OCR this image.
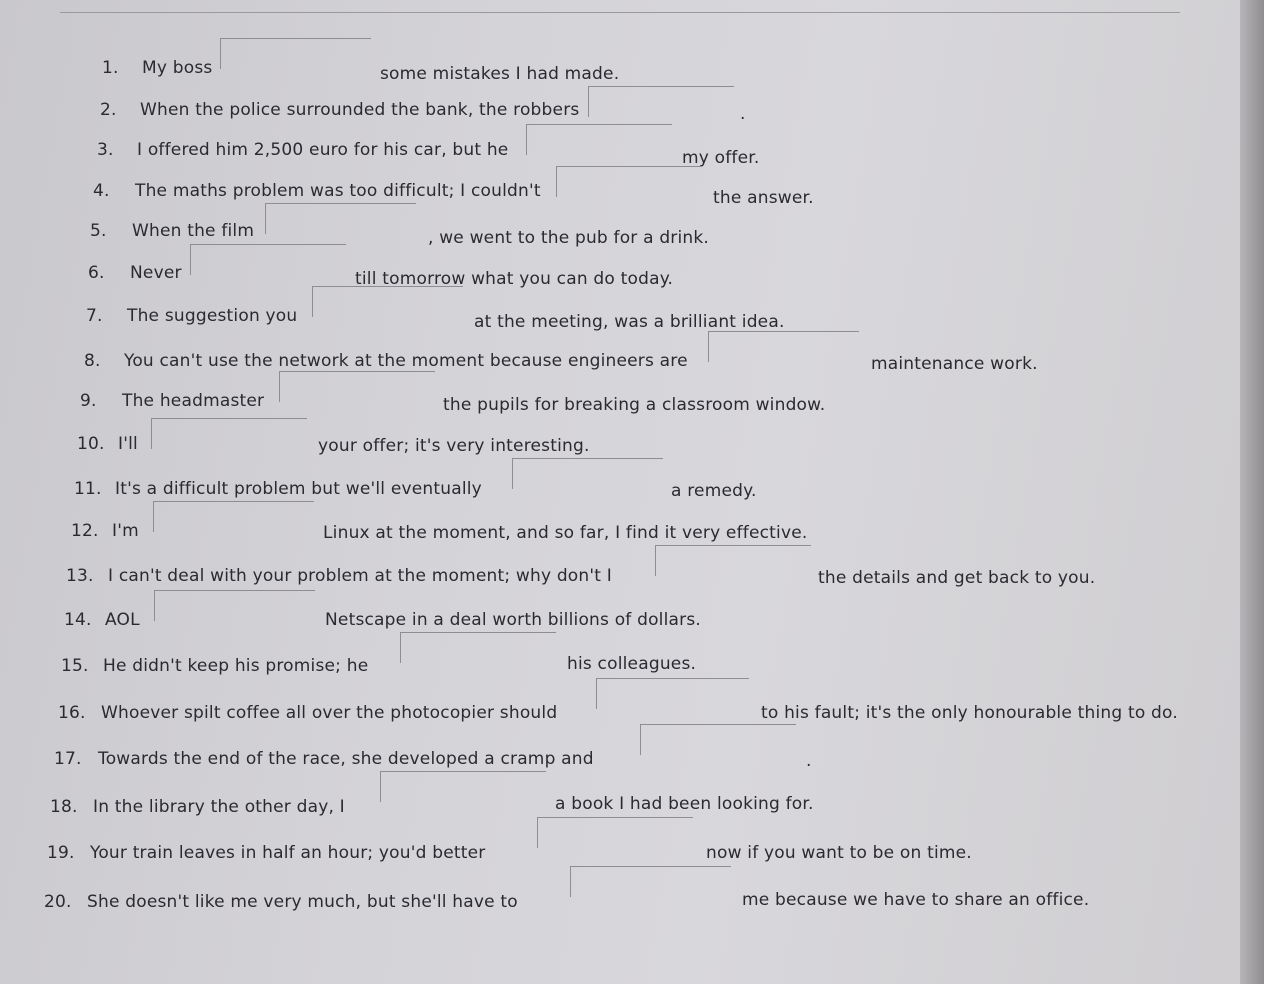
1. My boss	some mistakes I had made.
2. When the police surrounded the bank, the robbers	.
3. I offered him 2,500 euro for his car, but he	my offer.
4. The maths problem was too difficult; I couldn't	the answer.
5. When the film	, we went to the pub for a drink.
6. Never	till tomorrow what you can do today.
7. The suggestion you	at the meeting, was a brilliant idea.
8. You can't use the network at the moment because engineers are	maintenance work.
9. The headmaster	the pupils for breaking a classroom window.
10. I'll	your offer; it's very interesting.
11. It's a difficult problem but we'll eventually	a remedy.
12. I'm	Linux at the moment, and so far, I find it very effective.
13. I can't deal with your problem at the moment; why don't I	the details and get back to you.
14. AOL	Netscape in a deal worth billions of dollars.
15. He didn't keep his promise; he	his colleagues.
16. Whoever spilt coffee all over the photocopier should	to his fault; it's the only honourable thing to do.
17. Towards the end of the race, she developed a cramp and	.
18. In the library the other day, I	a book I had been looking for.
19. Your train leaves in half an hour; you'd better	now if you want to be on time.
20. She doesn't like me very much, but she'll have to	me because we have to share an office.
